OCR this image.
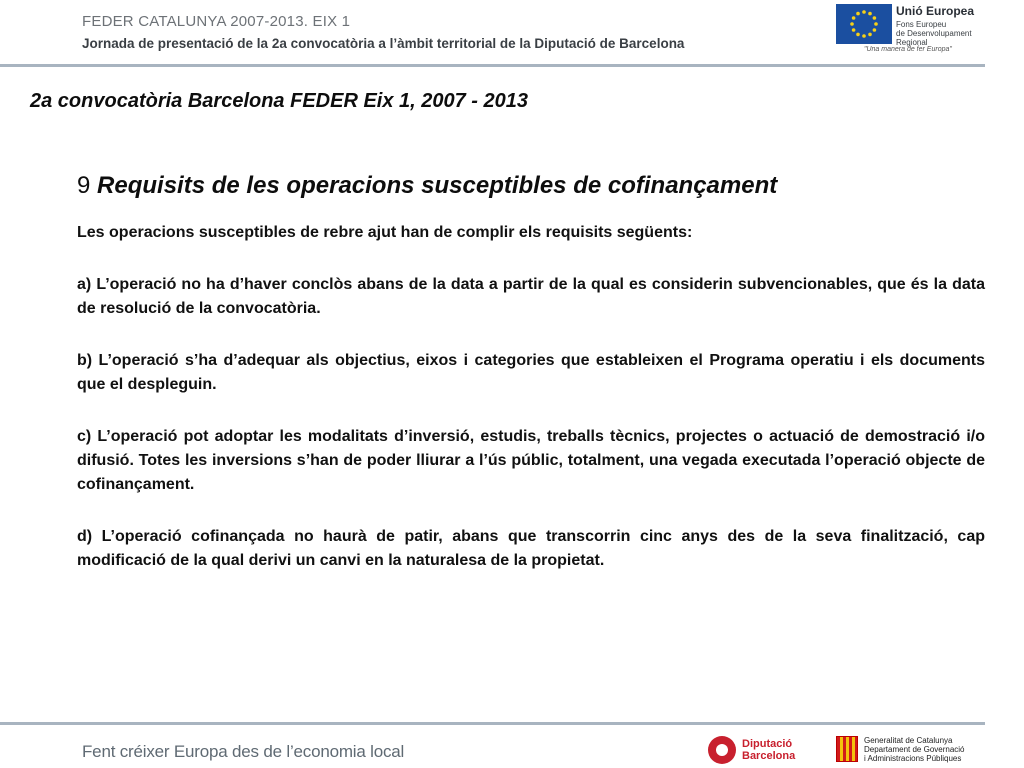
FEDER CATALUNYA 2007-2013. EIX 1
Jornada de presentació de la 2a convocatòria a l’àmbit territorial de la Diputació de Barcelona
Unió Europea
Fons Europeu
de Desenvolupament
Regional
"Una manera de fer Europa"
2a convocatòria Barcelona FEDER Eix 1, 2007 - 2013
9 Requisits de les operacions susceptibles de cofinançament

Les operacions susceptibles de rebre ajut han de complir els requisits següents:

a) L’operació no ha d’haver conclòs abans de la data a partir de la qual es considerin subvencionables, que és la data de resolució de la convocatòria.

b) L’operació s’ha d’adequar als objectius, eixos i categories que estableixen el Programa operatiu i els documents que el despleguin.

c) L’operació pot adoptar les modalitats d’inversió, estudis, treballs tècnics, projectes o actuació de demostració i/o difusió. Totes les inversions s’han de poder lliurar a l’ús públic, totalment, una vegada executada l’operació objecte de cofinançament.

d) L’operació cofinançada no haurà de patir, abans que transcorrin cinc anys des de la seva finalització, cap modificació de la qual derivi un canvi en la naturalesa de la propietat.

Fent créixer Europa des de l’economia local	Diputació
Barcelona
Generalitat de Catalunya
Departament de Governació
i Administracions Públiques
